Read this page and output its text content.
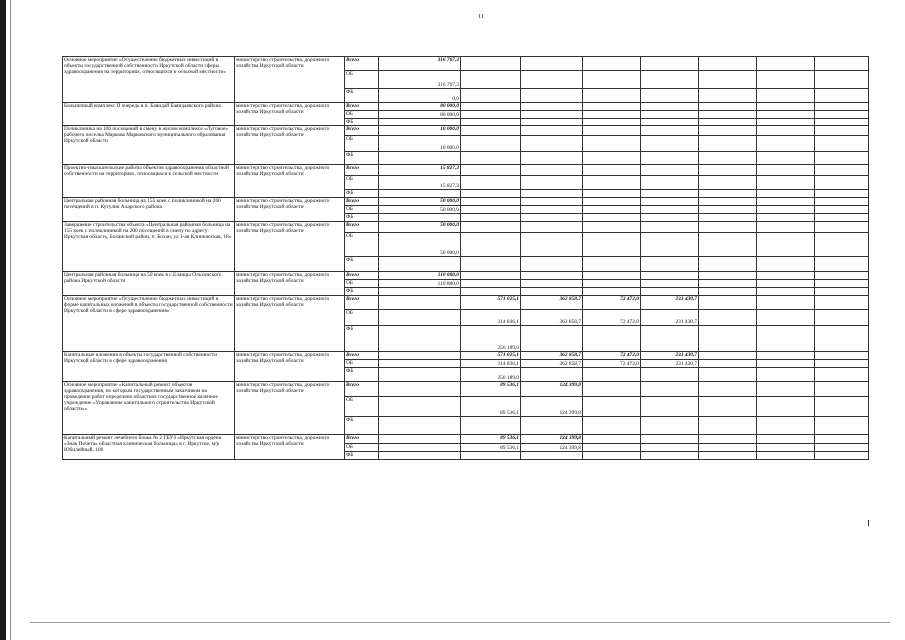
11
Основное мероприятие «Осуществление бюджетных инвестиций в объекты государственной собственности Иркутской области сферы здравоохранения на территориях, относящихся к сельской местности»	министерство строительства, дорожного хозяйства Иркутской области	Всего	316 707,3									
		ОБ	316 707,3									
		ФБ	0,0									
Больничный комплекс II очередь в п. Баяндай Баяндаевского района	министерство строительства, дорожного хозяйства Иркутской области	Всего	80 000,0									
		ОБ	80 000,0									
		ФБ										
Поликлиника на 100 посещений в смену в жилом комплексе «Луговое» рабочего поселка Маркова Марковского муниципального образования Иркутской области	министерство строительства, дорожного хозяйства Иркутской области	Всего	10 000,0									
		ОБ	10 000,0									
		ФБ										
Проектно-изыскательские работы объектов здравоохранения областной собственности на территориях, относящихся к сельской местности	министерство строительства, дорожного хозяйства Иркутской области	Всего	15 827,3									
		ОБ	15 827,3									
		ФБ										
Центральная районная больница на 155 коек с поликлиникой на 200 посещений в п. Кутулик Аларского района	министерство строительства, дорожного хозяйства Иркутской области	Всего	50 000,0									
		ОБ	50 000,0									
		ФБ										
Завершение строительства объекта «Центральная районная больница на 155 коек с поликлиникой на 200 посещений в смену по адресу: Иркутская область, Боханский район, п. Бохан, ул 1-ая Клиническая, 18»	министерство строительства, дорожного хозяйства Иркутской области	Всего	50 000,0									
		ОБ	50 000,0									
		ФБ										
Центральная районная больница на 50 коек в с.Еланцы Ольхонского района Иркутской области	министерство строительства, дорожного хозяйства Иркутской области	Всего	110 880,0									
		ОБ	110 880,0									
		ФБ										
Основное мероприятие «Осуществление бюджетных инвестиций в форме капитальных вложений в объекты государственной собственности Иркутской области в сфере здравоохранения»	министерство строительства, дорожного хозяйства Иркутской области	Всего		571 025,1	362 858,7	72 472,0	231 430,7					
		ОБ		314 836,1	362 858,7	72 472,0	231 430,7					
		ФБ		256 189,0								
Капитальные вложения в объекты государственной собственности Иркутской области в сфере здравоохранения	министерство строительства, дорожного хозяйства Иркутской области	Всего		571 025,1	362 858,7	72 472,0	231 430,7					
		ОБ		314 836,1	362 858,7	72 472,0	231 430,7					
		ФБ		256 189,0								
Основное мероприятие «Капитальный ремонт объектов здравоохранения, по которым государственным заказчиком на проведение работ определено областное государственное казенное учреждение «Управление капитального строительства Иркутской области»»	министерство строительства, дорожного хозяйства Иркутской области	Всего		89 536,1	124 399,8							
		ОБ		89 536,1	124 399,8							
		ФБ										
Капитальный ремонт лечебного блока № 2 ГБУЗ «Иркутская ордена «Знак Почета» областная клиническая больница» в г. Иркутске, м/р Юбилейный, 100	министерство строительства, дорожного хозяйства Иркутской области	Всего		89 536,1	124 399,8							
		ОБ		89 536,1	124 399,8							
		ФБ										
